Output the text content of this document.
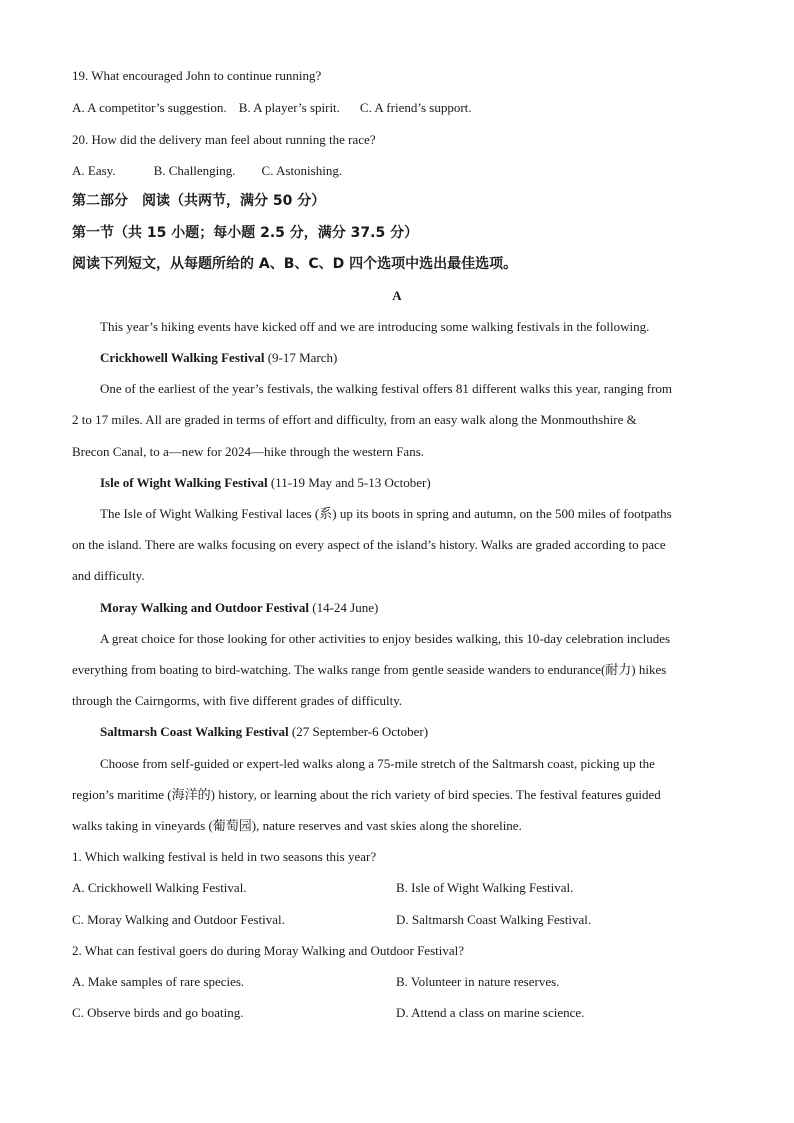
19. What encouraged John to continue running?
A. A competitor’s suggestion. B. A player’s spirit. C. A friend’s support.
20. How did the delivery man feel about running the race?
A. Easy.	B. Challenging. C. Astonishing.
第二部分　阅读（共两节，满分 50 分）
第一节（共 15 小题；每小题 2.5 分，满分 37.5 分）
阅读下列短文，从每题所给的 A、B、C、D 四个选项中选出最佳选项。
A
This year’s hiking events have kicked off and we are introducing some walking festivals in the following.
Crickhowell Walking Festival (9-17 March)
One of the earliest of the year’s festivals, the walking festival offers 81 different walks this year, ranging from
2 to 17 miles. All are graded in terms of effort and difficulty, from an easy walk along the Monmouthshire &
Brecon Canal, to a—new for 2024—hike through the western Fans.
Isle of Wight Walking Festival (11-19 May and 5-13 October)
The Isle of Wight Walking Festival laces (系) up its boots in spring and autumn, on the 500 miles of footpaths
on the island. There are walks focusing on every aspect of the island’s history. Walks are graded according to pace
and difficulty.
Moray Walking and Outdoor Festival (14-24 June)
A great choice for those looking for other activities to enjoy besides walking, this 10-day celebration includes
everything from boating to bird-watching. The walks range from gentle seaside wanders to endurance(耐力) hikes
through the Cairngorms, with five different grades of difficulty.
Saltmarsh Coast Walking Festival (27 September-6 October)
Choose from self-guided or expert-led walks along a 75-mile stretch of the Saltmarsh coast, picking up the
region’s maritime (海洋的) history, or learning about the rich variety of bird species. The festival features guided
walks taking in vineyards (葡萄园), nature reserves and vast skies along the shoreline.
1. Which walking festival is held in two seasons this year?
A. Crickhowell Walking Festival.	B. Isle of Wight Walking Festival.
C. Moray Walking and Outdoor Festival.	D. Saltmarsh Coast Walking Festival.
2. What can festival goers do during Moray Walking and Outdoor Festival?
A. Make samples of rare species.	B. Volunteer in nature reserves.
C. Observe birds and go boating.	D. Attend a class on marine science.
